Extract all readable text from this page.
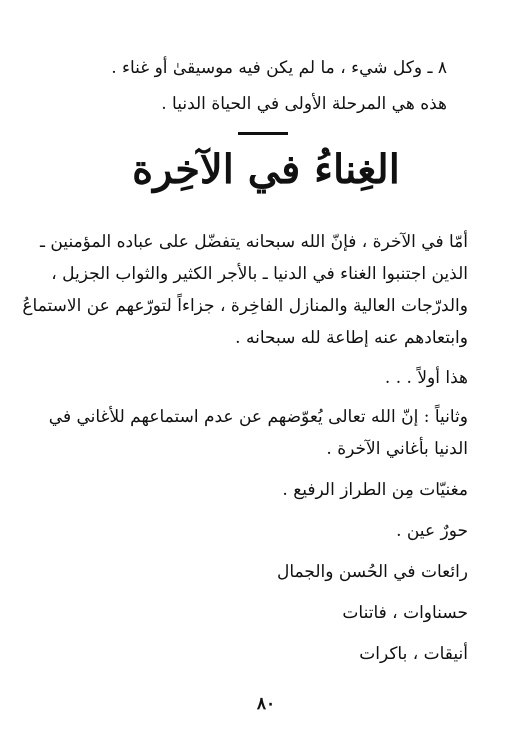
٨ ـ وكل شيء ، ما لم يكن فيه موسيقىٰ أو غناء .
هذه هي المرحلة الأولى في الحياة الدنيا .
الغِناءُ في الآخِرة
أمّا في الآخرة ، فإنّ الله سبحانه يتفضّل على عباده المؤمنين ـ
الذين اجتنبوا الغناء في الدنيا ـ بالأجر الكثير والثواب الجزيل ،
والدرّجات العالية والمنازل الفاخِرة ، جزاءاً لتورّعهم عن الاستماعُ
وابتعادهم عنه إطاعة لله سبحانه .
هذا أولاً . . .
وثانياً : إنّ الله تعالى يُعوّضهم عن عدم استماعهم للأغاني في
الدنيا بأغاني الآخرة .
مغنيّات مِن الطراز الرفيع .
حورٌ عين .
رائعات في الحُسن والجمال
حسناوات ، فاتنات
أنيقات ، باكرات
٨٠
